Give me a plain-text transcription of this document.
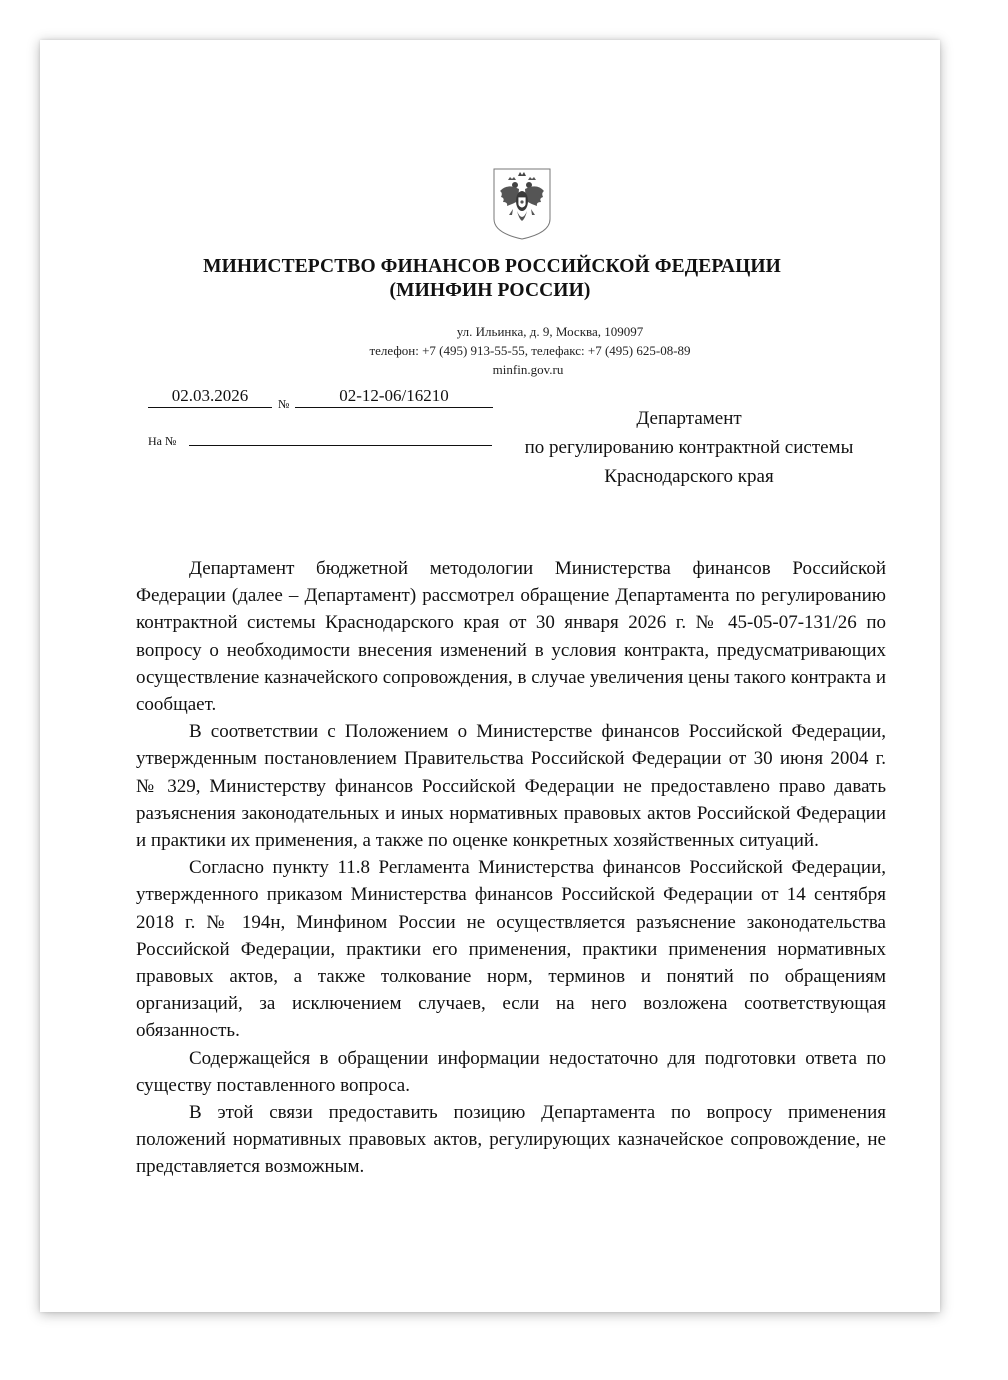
МИНИСТЕРСТВО ФИНАНСОВ РОССИЙСКОЙ ФЕДЕРАЦИИ
(МИНФИН РОССИИ)
ул. Ильинка, д. 9, Москва, 109097
телефон: +7 (495) 913-55-55, телефакс: +7 (495) 625-08-89
minfin.gov.ru
02.03.2026	№	02-12-06/16210
На №
Департамент
по регулированию контрактной системы
Краснодарского края

Департамент бюджетной методологии Министерства финансов Российской Федерации (далее – Департамент) рассмотрел обращение Департамента по регулированию контрактной системы Краснодарского края от 30 января 2026 г. № 45-05-07-131/26 по вопросу о необходимости внесения изменений в условия контракта, предусматривающих осуществление казначейского сопровождения, в случае увеличения цены такого контракта и сообщает.

В соответствии с Положением о Министерстве финансов Российской Федерации, утвержденным постановлением Правительства Российской Федерации от 30 июня 2004 г. № 329, Министерству финансов Российской Федерации не предоставлено право давать разъяснения законодательных и иных нормативных правовых актов Российской Федерации и практики их применения, а также по оценке конкретных хозяйственных ситуаций.

Согласно пункту 11.8 Регламента Министерства финансов Российской Федерации, утвержденного приказом Министерства финансов Российской Федерации от 14 сентября 2018 г. № 194н, Минфином России не осуществляется разъяснение законодательства Российской Федерации, практики его применения, практики применения нормативных правовых актов, а также толкование норм, терминов и понятий по обращениям организаций, за исключением случаев, если на него возложена соответствующая обязанность.

Содержащейся в обращении информации недостаточно для подготовки ответа по существу поставленного вопроса.

В этой связи предоставить позицию Департамента по вопросу применения положений нормативных правовых актов, регулирующих казначейское сопровождение, не представляется возможным.
